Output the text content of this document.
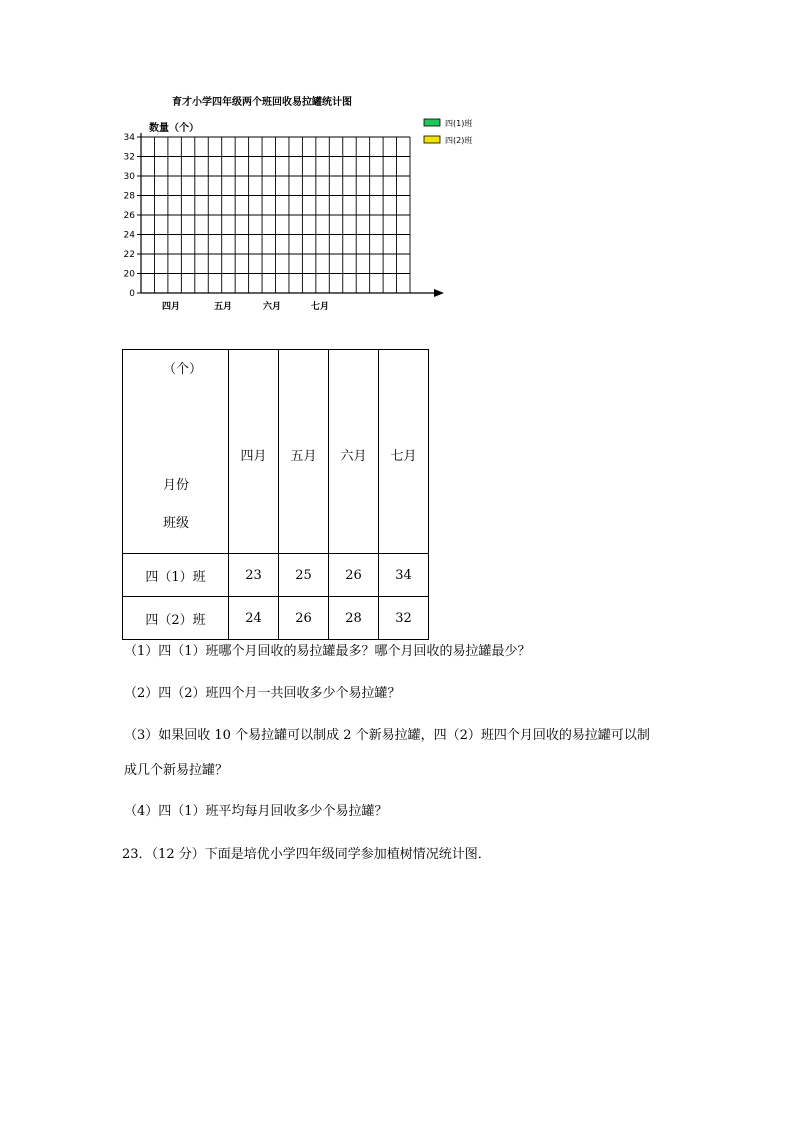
育才小学四年级两个班回收易拉罐统计图
0
20
22
24
26
28
30
32
34
四月	五月	六月	七月
数量（个）	四(1)班
四(2)班
（个）
月份
班级	四月	五月	六月	七月
四（1）班	23	25	26	34
四（2）班	24	26	28	32
（1）四（1）班哪个月回收的易拉罐最多？哪个月回收的易拉罐最少？
（2）四（2）班四个月一共回收多少个易拉罐？
（3）如果回收 10 个易拉罐可以制成 2 个新易拉罐，四（2）班四个月回收的易拉罐可以制
成几个新易拉罐？
（4）四（1）班平均每月回收多少个易拉罐？
23．（12 分）下面是培优小学四年级同学参加植树情况统计图．
